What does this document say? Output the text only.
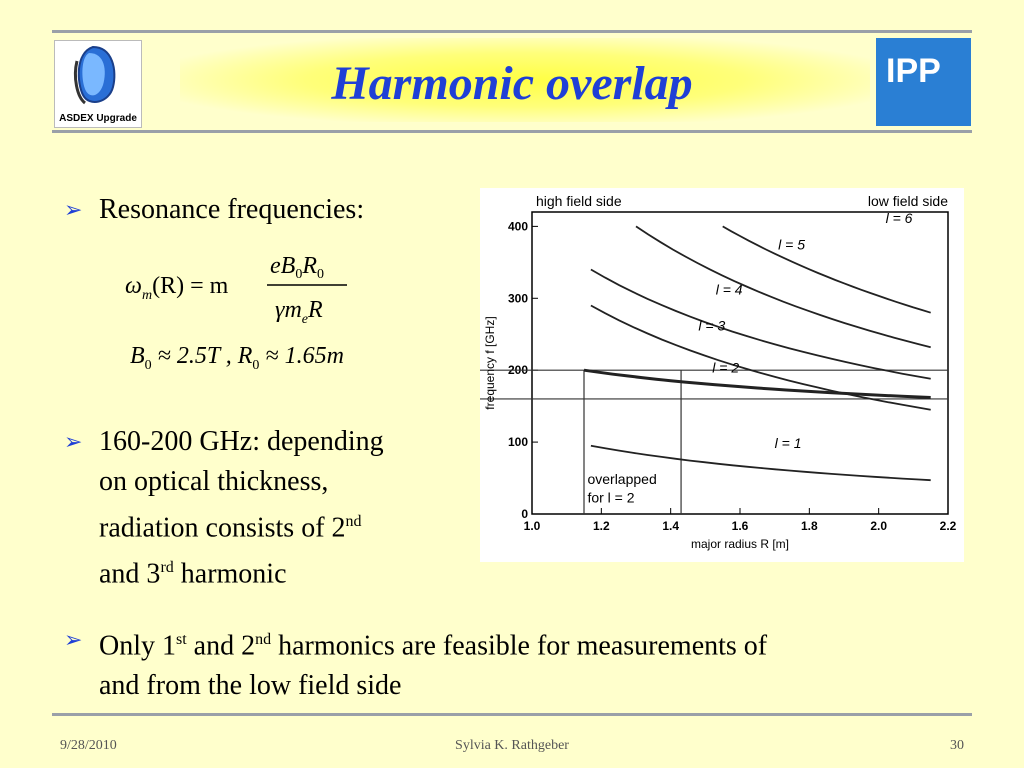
Harmonic overlap
ASDEX Upgrade
IPP
➢ Resonance frequencies:
$\omega_m(R) = m$
$eB_0R_0$
$\gamma m_eR$
$B_0 \approx 2.5T$ , $R_0 \approx 1.65m$
➢ 160-200 GHz: depending
on optical thickness,
radiation consists of 2nd
and 3rd harmonic
1.0	1.2	1.4	1.6	1.8	2.0	2.2
0
100
200
300
400
l = 1
l = 2
l = 3
l = 4
l = 5
l = 6
high field side	low field side
major radius R [m]
frequency f [GHz]
overlapped
for l = 2
➢ Only 1st and 2nd harmonics are feasible for measurements of
and from the low field side
9/28/2010	Sylvia K. Rathgeber	30
